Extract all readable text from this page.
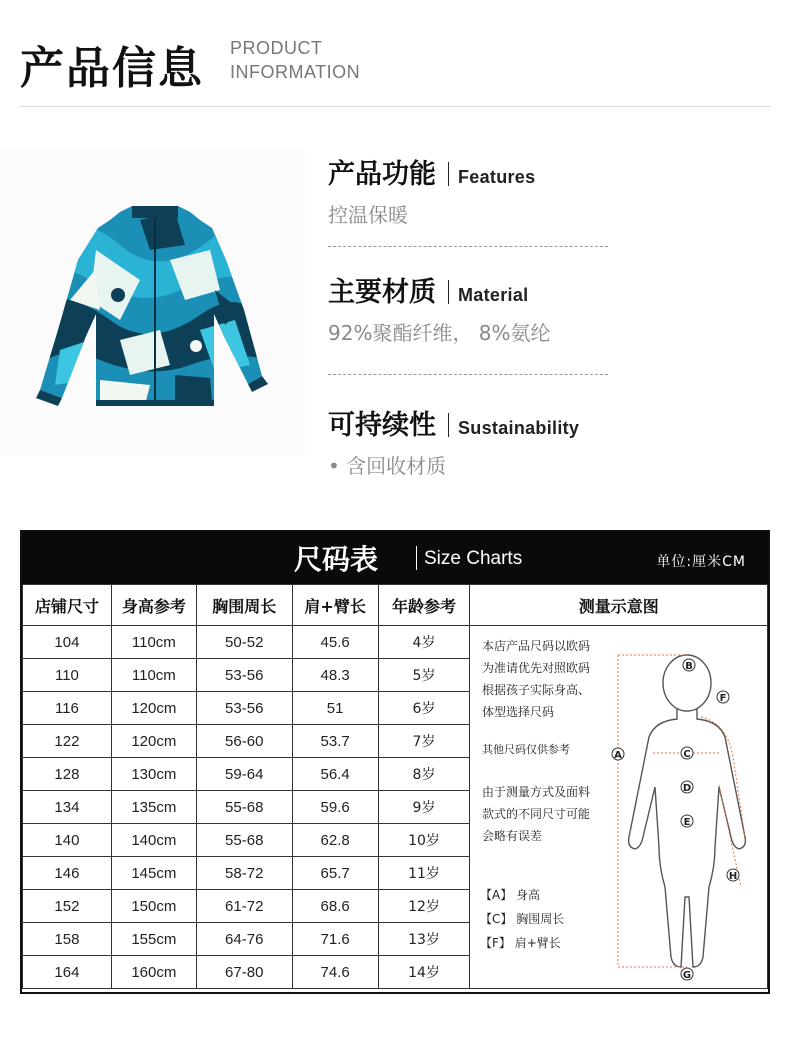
产品信息 PRODUCT
INFORMATION
产品功能 Features
控温保暖
主要材质 Material
92%聚酯纤维， 8%氨纶
可持续性 Sustainability
• 含回收材质
尺码表 Size Charts	单位:厘米CM
店铺尺寸	身高参考	胸围周长	肩+臂长	年龄参考	测量示意图
104	110cm	50-52	45.6	4岁	
110	110cm	53-56	48.3	5岁	
116	120cm	53-56	51	6岁	
122	120cm	56-60	53.7	7岁	
128	130cm	59-64	56.4	8岁	
134	135cm	55-68	59.6	9岁	
140	140cm	55-68	62.8	10岁	
146	145cm	58-72	65.7	11岁	
152	150cm	61-72	68.6	12岁	
158	155cm	64-76	71.6	13岁	
164	160cm	67-80	74.6	14岁	
本店产品尺码以欧码
为准请优先对照欧码
根据孩子实际身高、
体型选择尺码
其他尺码仅供参考
由于测量方式及面料
款式的不同尺寸可能
会略有误差
【A】 身高
【C】 胸围周长
【F】 肩+臂长
A
B
C
D
E
F
G
H
